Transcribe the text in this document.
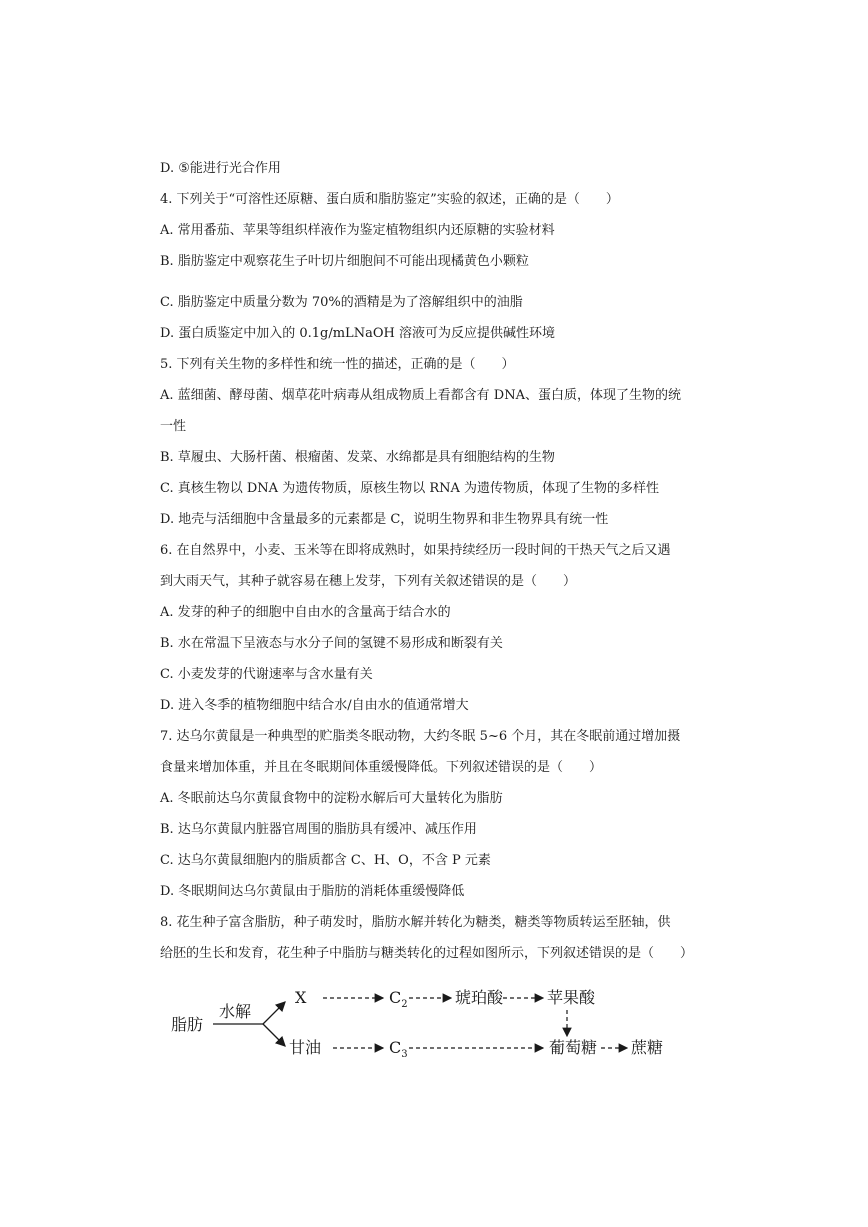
D. ⑤能进行光合作用
4. 下列关于“可溶性还原糖、蛋白质和脂肪鉴定”实验的叙述，正确的是（　　）
A. 常用番茄、苹果等组织样液作为鉴定植物组织内还原糖的实验材料
B. 脂肪鉴定中观察花生子叶切片细胞间不可能出现橘黄色小颗粒
C. 脂肪鉴定中质量分数为 70%的酒精是为了溶解组织中的油脂
D. 蛋白质鉴定中加入的 0.1g/mLNaOH 溶液可为反应提供碱性环境
5. 下列有关生物的多样性和统一性的描述，正确的是（　　）
A. 蓝细菌、酵母菌、烟草花叶病毒从组成物质上看都含有 DNA、蛋白质，体现了生物的统
一性
B. 草履虫、大肠杆菌、根瘤菌、发菜、水绵都是具有细胞结构的生物
C. 真核生物以 DNA 为遗传物质，原核生物以 RNA 为遗传物质，体现了生物的多样性
D. 地壳与活细胞中含量最多的元素都是 C，说明生物界和非生物界具有统一性
6. 在自然界中，小麦、玉米等在即将成熟时，如果持续经历一段时间的干热天气之后又遇
到大雨天气，其种子就容易在穗上发芽，下列有关叙述错误的是（　　）
A. 发芽的种子的细胞中自由水的含量高于结合水的
B. 水在常温下呈液态与水分子间的氢键不易形成和断裂有关
C. 小麦发芽的代谢速率与含水量有关
D. 进入冬季的植物细胞中结合水/自由水的值通常增大
7. 达乌尔黄鼠是一种典型的贮脂类冬眠动物，大约冬眠 5~6 个月，其在冬眠前通过增加摄
食量来增加体重，并且在冬眠期间体重缓慢降低。下列叙述错误的是（　　）
A. 冬眠前达乌尔黄鼠食物中的淀粉水解后可大量转化为脂肪
B. 达乌尔黄鼠内脏器官周围的脂肪具有缓冲、减压作用
C. 达乌尔黄鼠细胞内的脂质都含 C、H、O，不含 P 元素
D. 冬眠期间达乌尔黄鼠由于脂肪的消耗体重缓慢降低
8. 花生种子富含脂肪，种子萌发时，脂肪水解并转化为糖类，糖类等物质转运至胚轴，供
给胚的生长和发育，花生种子中脂肪与糖类转化的过程如图所示，下列叙述错误的是（　　）
脂肪
水解
X	$C_2$	琥珀酸	苹果酸
甘油	$C_3$	葡萄糖 蔗糖
